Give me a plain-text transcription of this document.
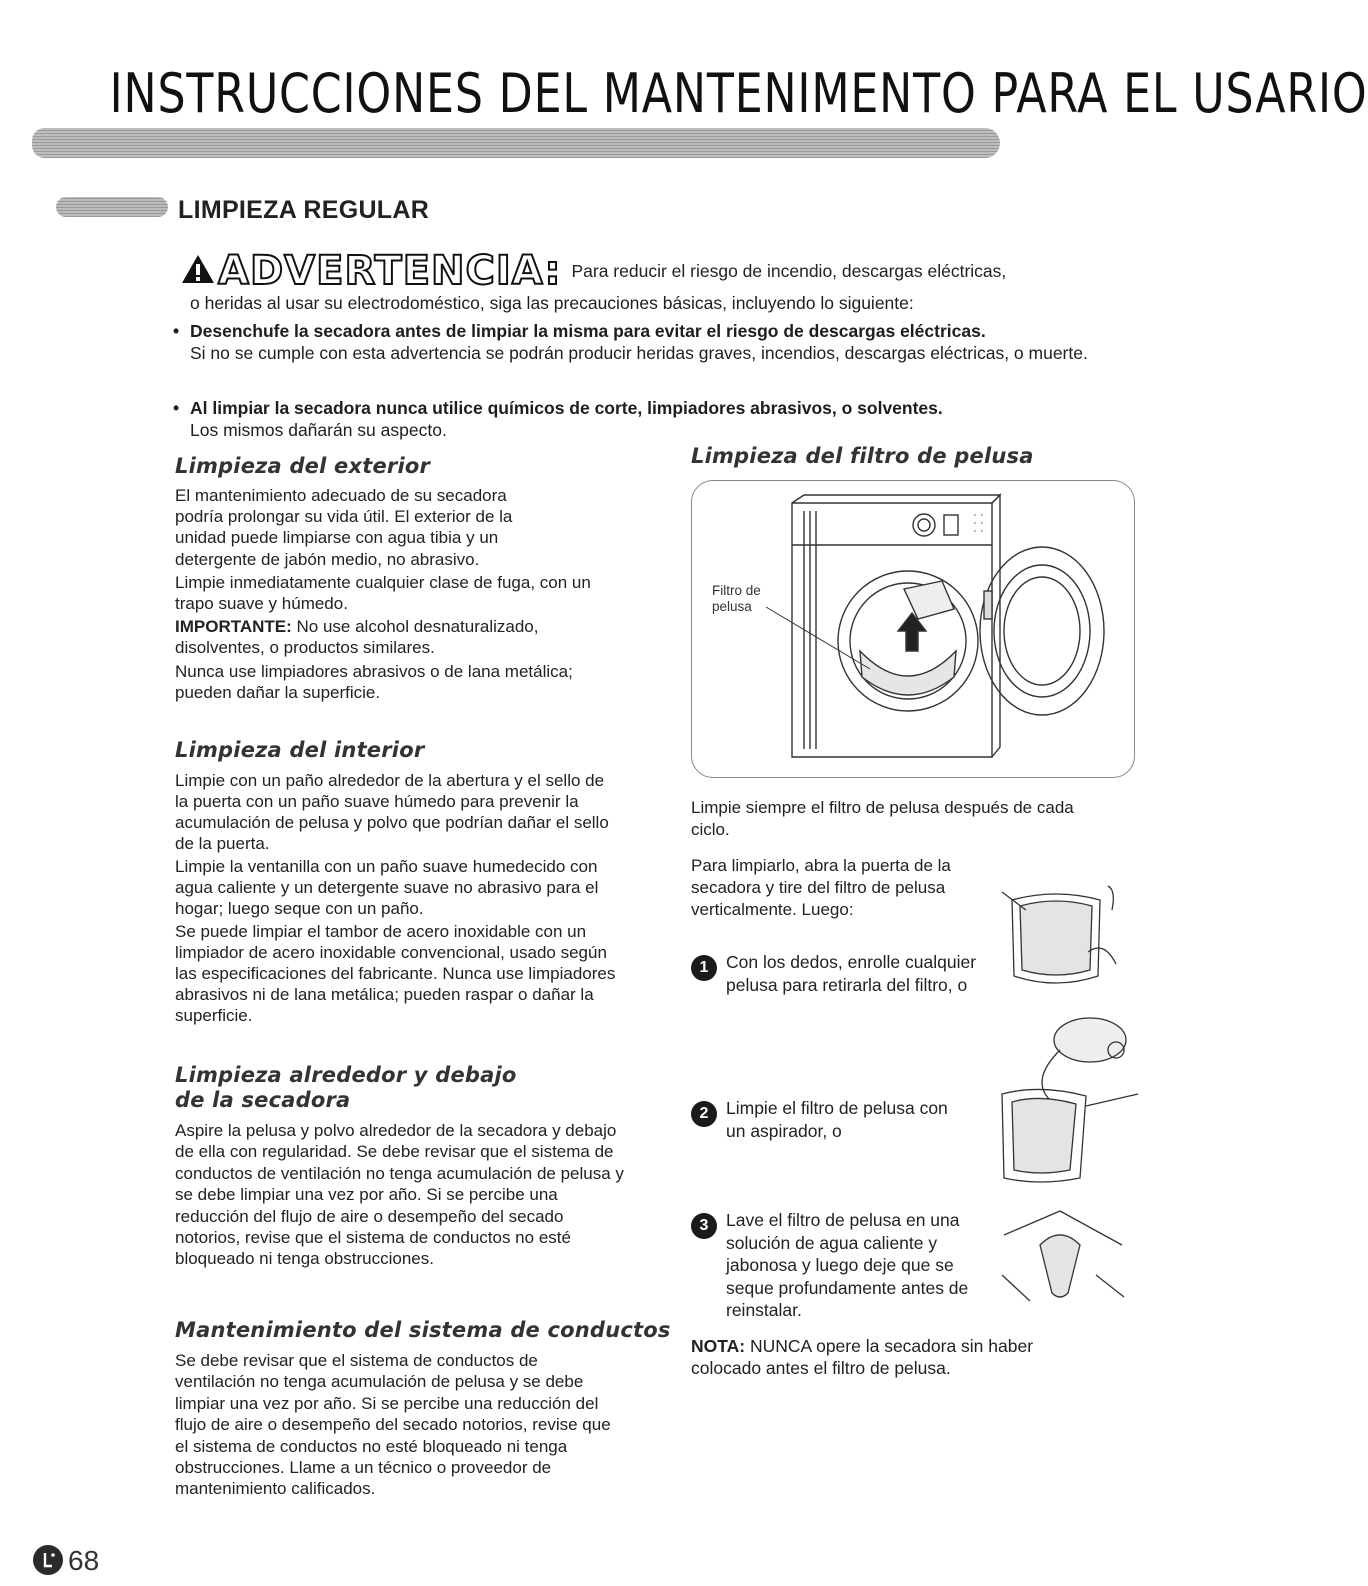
INSTRUCCIONES DEL MANTENIMENTO PARA EL USARIO
LIMPIEZA REGULAR
ADVERTENCIA: Para reducir el riesgo de incendio, descargas eléctricas,
o heridas al usar su electrodoméstico, siga las precauciones básicas, incluyendo lo siguiente:
• Desenchufe la secadora antes de limpiar la misma para evitar el riesgo de descargas eléctricas.
Si no se cumple con esta advertencia se podrán producir heridas graves, incendios, descargas eléctricas, o muerte.
• Al limpiar la secadora nunca utilice químicos de corte, limpiadores abrasivos, o solventes.
Los mismos dañarán su aspecto.
Limpieza del exterior
El mantenimiento adecuado de su secadora podría prolongar su vida útil. El exterior de la unidad puede limpiarse con agua tibia y un detergente de jabón medio, no abrasivo.
Limpie inmediatamente cualquier clase de fuga, con un trapo suave y húmedo.
IMPORTANTE: No use alcohol desnaturalizado, disolventes, o productos similares.
Nunca use limpiadores abrasivos o de lana metálica; pueden dañar la superficie.
Limpieza del interior
Limpie con un paño alrededor de la abertura y el sello de la puerta con un paño suave húmedo para prevenir la acumulación de pelusa y polvo que podrían dañar el sello de la puerta.
Limpie la ventanilla con un paño suave humedecido con agua caliente y un detergente suave no abrasivo para el hogar; luego seque con un paño.
Se puede limpiar el tambor de acero inoxidable con un limpiador de acero inoxidable convencional, usado según las especificaciones del fabricante. Nunca use limpiadores abrasivos ni de lana metálica; pueden raspar o dañar la superficie.
Limpieza alrededor y debajo
de la secadora
Aspire la pelusa y polvo alrededor de la secadora y debajo de ella con regularidad. Se debe revisar que el sistema de conductos de ventilación no tenga acumulación de pelusa y se debe limpiar una vez por año. Si se percibe una reducción del flujo de aire o desempeño del secado notorios, revise que el sistema de conductos no esté bloqueado ni tenga obstrucciones.
Mantenimiento del sistema de conductos
Se debe revisar que el sistema de conductos de ventilación no tenga acumulación de pelusa y se debe limpiar una vez por año. Si se percibe una reducción del flujo de aire o desempeño del secado notorios, revise que el sistema de conductos no esté bloqueado ni tenga obstrucciones. Llame a un técnico o proveedor de mantenimiento calificados.
Limpieza del filtro de pelusa
Filtro de
pelusa
Limpie siempre el filtro de pelusa después de cada ciclo.
Para limpiarlo, abra la puerta de la secadora y tire del filtro de pelusa verticalmente. Luego:
1	Con los dedos, enrolle cualquier pelusa para retirarla del filtro, o
2	Limpie el filtro de pelusa con un aspirador, o
3	Lave el filtro de pelusa en una solución de agua caliente y jabonosa y luego deje que se seque profundamente antes de reinstalar.
NOTA: NUNCA opere la secadora sin haber colocado antes el filtro de pelusa.
68
